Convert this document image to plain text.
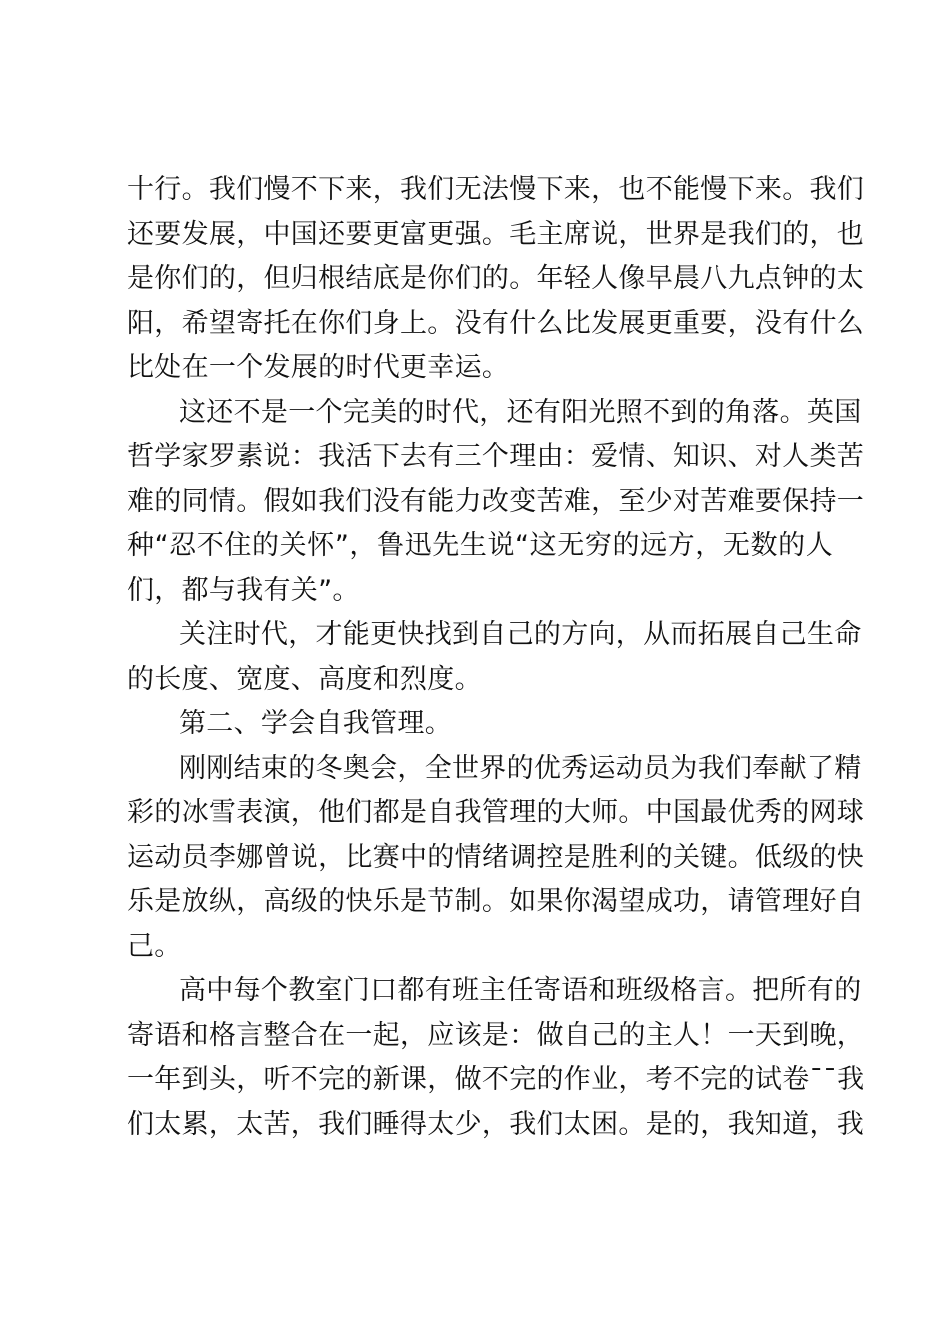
十行。我们慢不下来，我们无法慢下来，也不能慢下来。我们
还要发展，中国还要更富更强。毛主席说，世界是我们的，也
是你们的，但归根结底是你们的。年轻人像早晨八九点钟的太
阳，希望寄托在你们身上。没有什么比发展更重要，没有什么
比处在一个发展的时代更幸运。
这还不是一个完美的时代，还有阳光照不到的角落。英国
哲学家罗素说：我活下去有三个理由：爱情、知识、对人类苦
难的同情。假如我们没有能力改变苦难，至少对苦难要保持一
种“忍不住的关怀”，鲁迅先生说“这无穷的远方，无数的人
们，都与我有关”。
关注时代，才能更快找到自己的方向，从而拓展自己生命
的长度、宽度、高度和烈度。
第二、学会自我管理。
刚刚结束的冬奥会，全世界的优秀运动员为我们奉献了精
彩的冰雪表演，他们都是自我管理的大师。中国最优秀的网球
运动员李娜曾说，比赛中的情绪调控是胜利的关键。低级的快
乐是放纵，高级的快乐是节制。如果你渴望成功，请管理好自
己。
高中每个教室门口都有班主任寄语和班级格言。把所有的
寄语和格言整合在一起，应该是：做自己的主人！一天到晚，
一年到头，听不完的新课，做不完的作业，考不完的试卷¯¯我
们太累，太苦，我们睡得太少，我们太困。是的，我知道，我
